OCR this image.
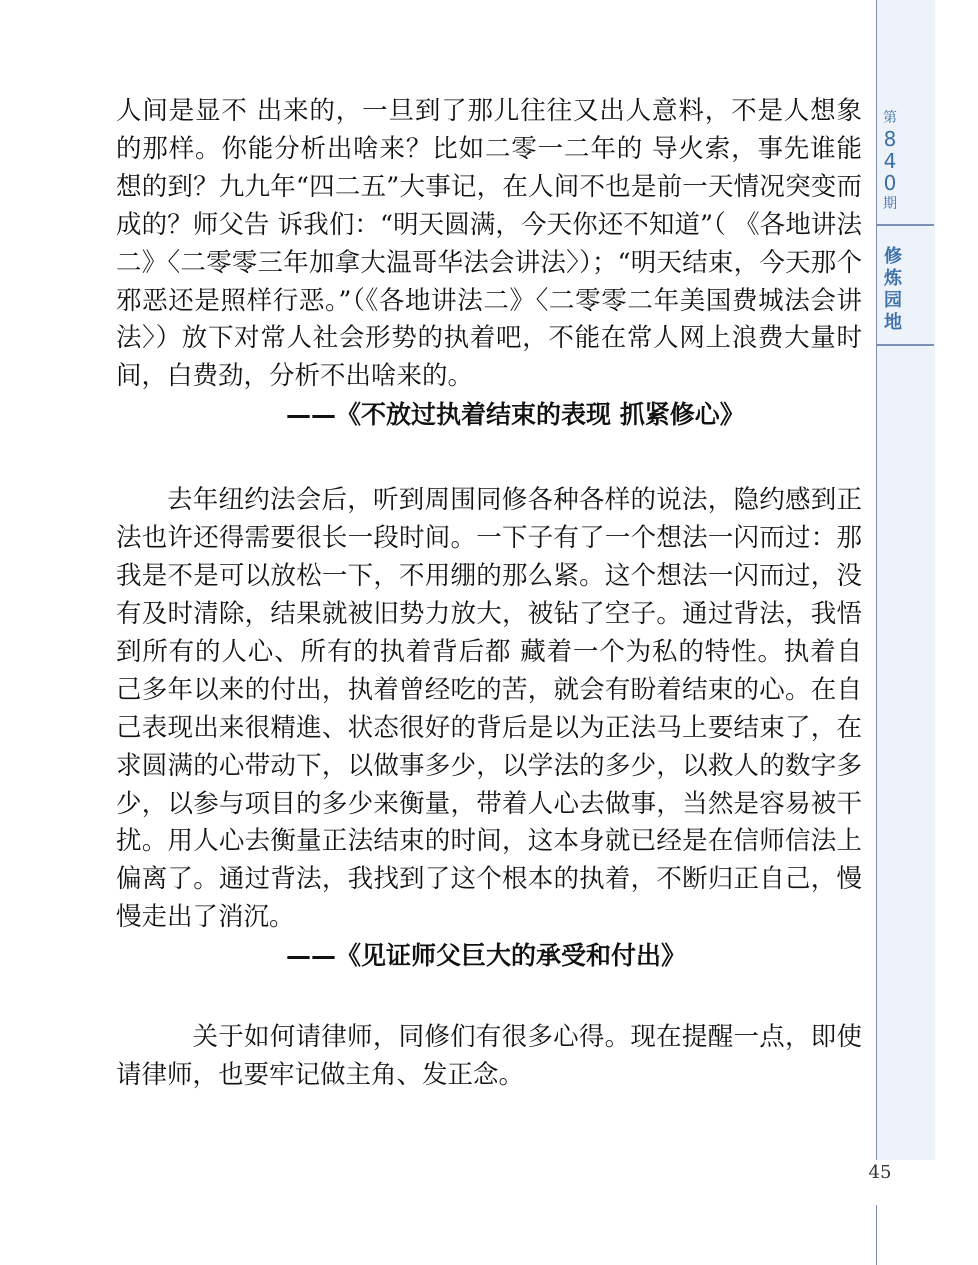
第
8
4
0
期
修
炼
园
地
45

人间是显不 出来的，一旦到了那儿往往又出人意料，不是人想象的那样。你能分析出啥来？比如二零一二年的 导火索，事先谁能想的到？九九年“四二五”大事记，在人间不也是前一天情况突变而成的？师父告 诉我们：“明天圆满，今天你还不知道”（ 《各地讲法二》〈二零零三年加拿大温哥华法会讲法〉）；“明天结束，今天那个邪恶还是照样行恶。”（《各地讲法二》〈二零零二年美国费城法会讲法〉）放下对常人社会形势的执着吧，不能在常人网上浪费大量时间，白费劲，分析不出啥来的。

——《不放过执着结束的表现 抓紧修心》

去年纽约法会后，听到周围同修各种各样的说法，隐约感到正法也许还得需要很长一段时间。一下子有了一个想法一闪而过：那我是不是可以放松一下，不用绷的那么紧。这个想法一闪而过，没有及时清除，结果就被旧势力放大，被钻了空子。通过背法，我悟到所有的人心、所有的执着背后都 藏着一个为私的特性。执着自己多年以来的付出，执着曾经吃的苦，就会有盼着结束的心。在自己表现出来很精進、状态很好的背后是以为正法马上要结束了，在求圆满的心带动下，以做事多少，以学法的多少，以救人的数字多少，以参与项目的多少来衡量，带着人心去做事，当然是容易被干扰。用人心去衡量正法结束的时间，这本身就已经是在信师信法上偏离了。通过背法，我找到了这个根本的执着，不断归正自己，慢慢走出了消沉。

——《见证师父巨大的承受和付出》

关于如何请律师，同修们有很多心得。现在提醒一点，即使请律师，也要牢记做主角、发正念。
